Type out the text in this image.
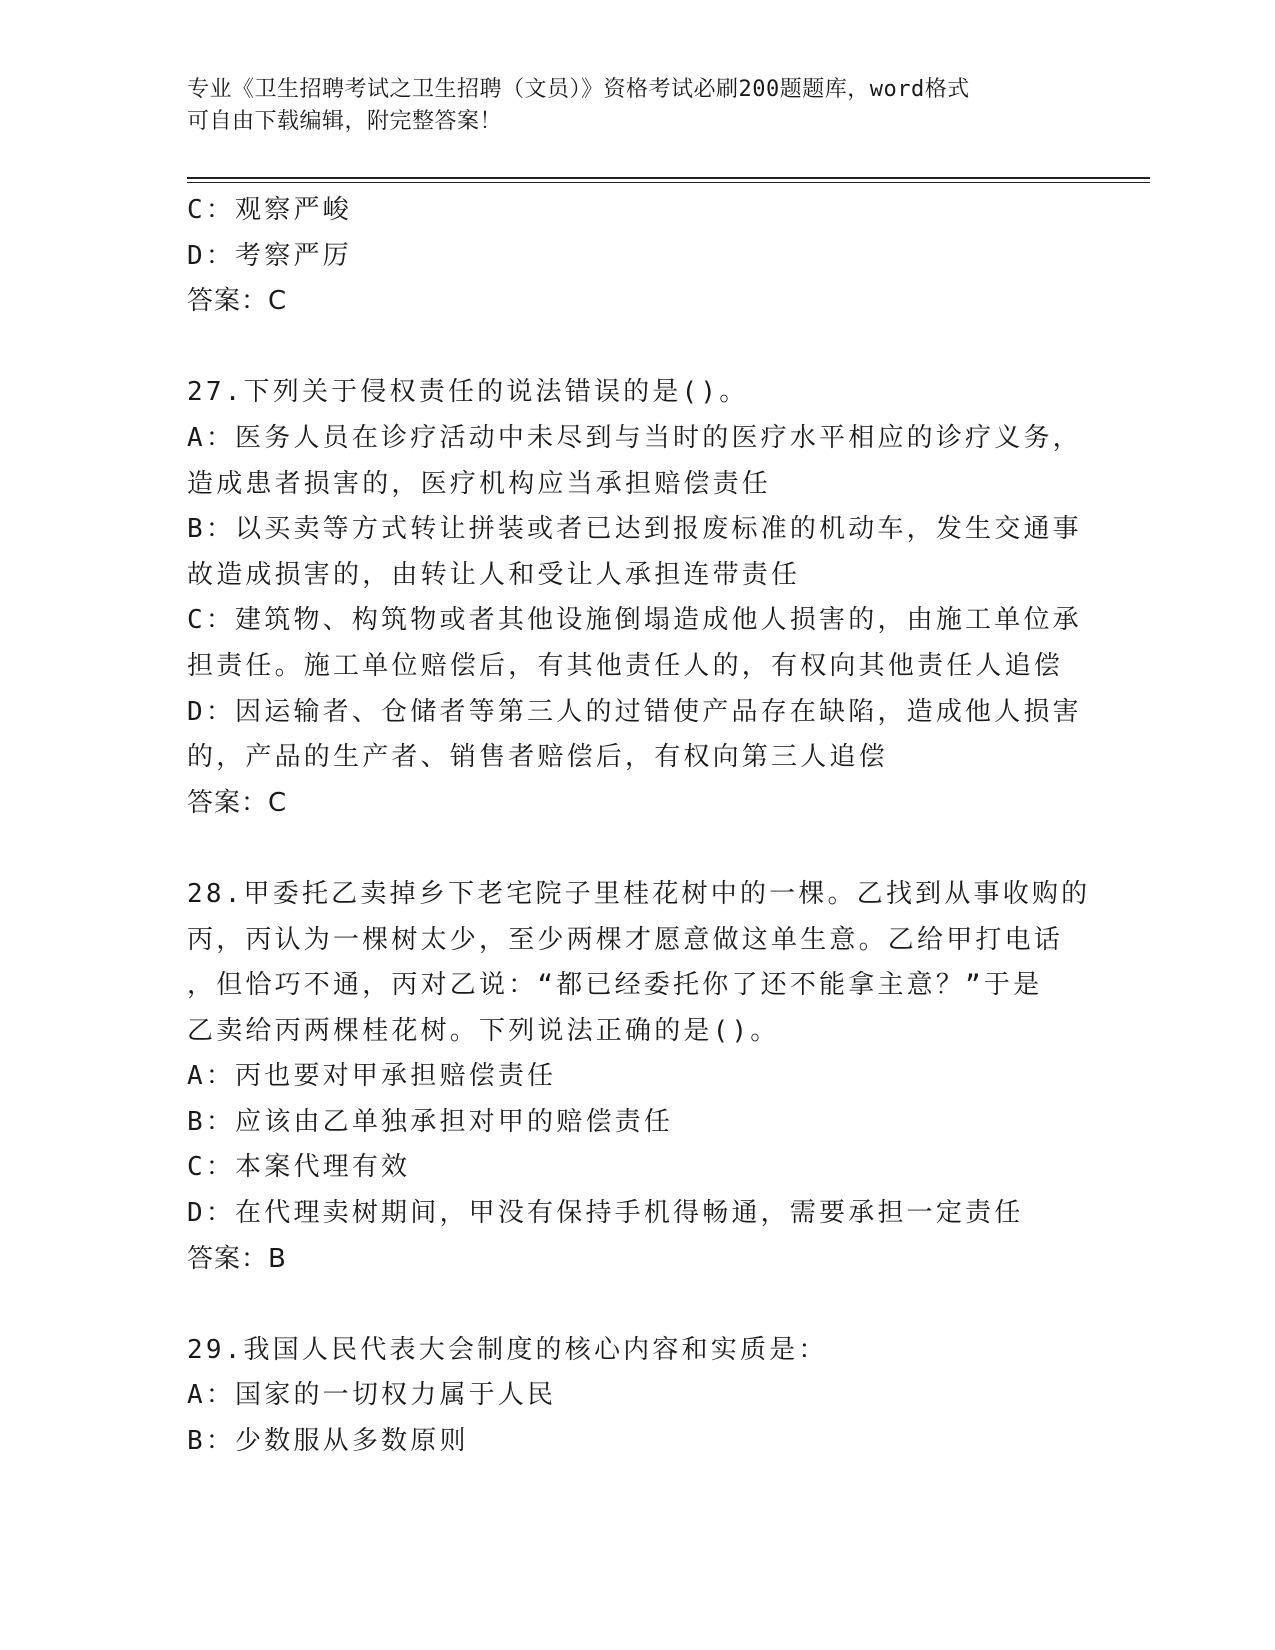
专业《卫生招聘考试之卫生招聘（文员）》资格考试必刷200题题库，word格式
可自由下载编辑，附完整答案！
C：观察严峻
D：考察严厉
答案：C
27.下列关于侵权责任的说法错误的是()。
A：医务人员在诊疗活动中未尽到与当时的医疗水平相应的诊疗义务，
造成患者损害的，医疗机构应当承担赔偿责任
B：以买卖等方式转让拼装或者已达到报废标准的机动车，发生交通事
故造成损害的，由转让人和受让人承担连带责任
C：建筑物、构筑物或者其他设施倒塌造成他人损害的，由施工单位承
担责任。施工单位赔偿后，有其他责任人的，有权向其他责任人追偿
D：因运输者、仓储者等第三人的过错使产品存在缺陷，造成他人损害
的，产品的生产者、销售者赔偿后，有权向第三人追偿
答案：C
28.甲委托乙卖掉乡下老宅院子里桂花树中的一棵。乙找到从事收购的
丙，丙认为一棵树太少，至少两棵才愿意做这单生意。乙给甲打电话
，但恰巧不通，丙对乙说：“都已经委托你了还不能拿主意？”于是
乙卖给丙两棵桂花树。下列说法正确的是()。
A：丙也要对甲承担赔偿责任
B：应该由乙单独承担对甲的赔偿责任
C：本案代理有效
D：在代理卖树期间，甲没有保持手机得畅通，需要承担一定责任
答案：B
29.我国人民代表大会制度的核心内容和实质是：
A：国家的一切权力属于人民
B：少数服从多数原则
